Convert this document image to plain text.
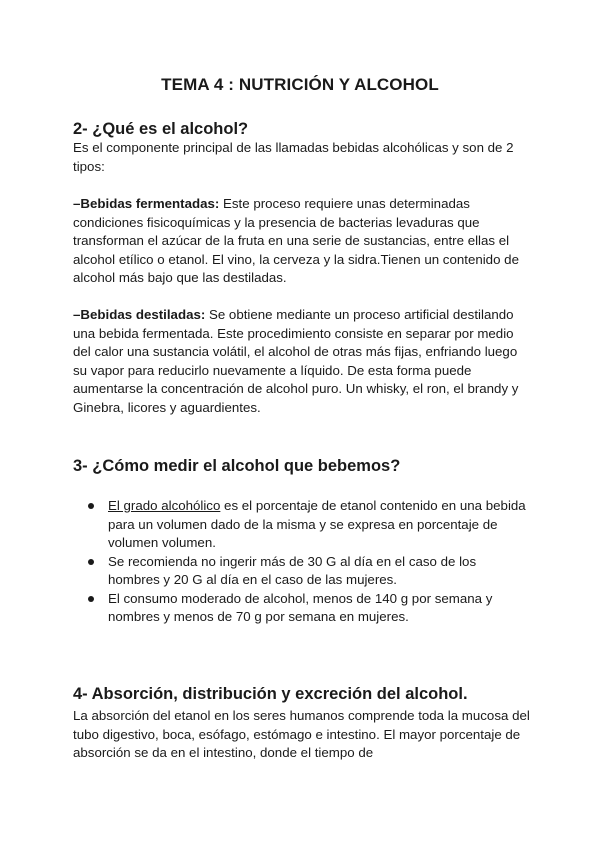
TEMA 4 : NUTRICIÓN Y ALCOHOL
2- ¿Qué es el alcohol?
Es el componente principal de las llamadas bebidas alcohólicas y son de 2 tipos:
–Bebidas fermentadas: Este proceso requiere unas determinadas condiciones fisicoquímicas y la presencia de bacterias levaduras que transforman el azúcar de la fruta en una serie de sustancias, entre ellas el alcohol etílico o etanol. El vino, la cerveza y la sidra.Tienen un contenido de alcohol más bajo que las destiladas.
–Bebidas destiladas: Se obtiene mediante un proceso artificial destilando una bebida fermentada. Este procedimiento consiste en separar por medio del calor una sustancia volátil, el alcohol de otras más fijas, enfriando luego su vapor para reducirlo nuevamente a líquido. De esta forma puede aumentarse la concentración de alcohol puro. Un whisky, el ron, el brandy y Ginebra, licores y aguardientes.
3- ¿Cómo medir el alcohol que bebemos?
El grado alcohólico es el porcentaje de etanol contenido en una bebida para un volumen dado de la misma y se expresa en porcentaje de volumen volumen.
Se recomienda no ingerir más de 30 G al día en el caso de los hombres y 20 G al día en el caso de las mujeres.
El consumo moderado de alcohol, menos de 140 g por semana y nombres y menos de 70 g por semana en mujeres.
4- Absorción, distribución y excreción del alcohol.
La absorción del etanol en los seres humanos comprende toda la mucosa del tubo digestivo, boca, esófago, estómago e intestino. El mayor porcentaje de absorción se da en el intestino, donde el tiempo de
